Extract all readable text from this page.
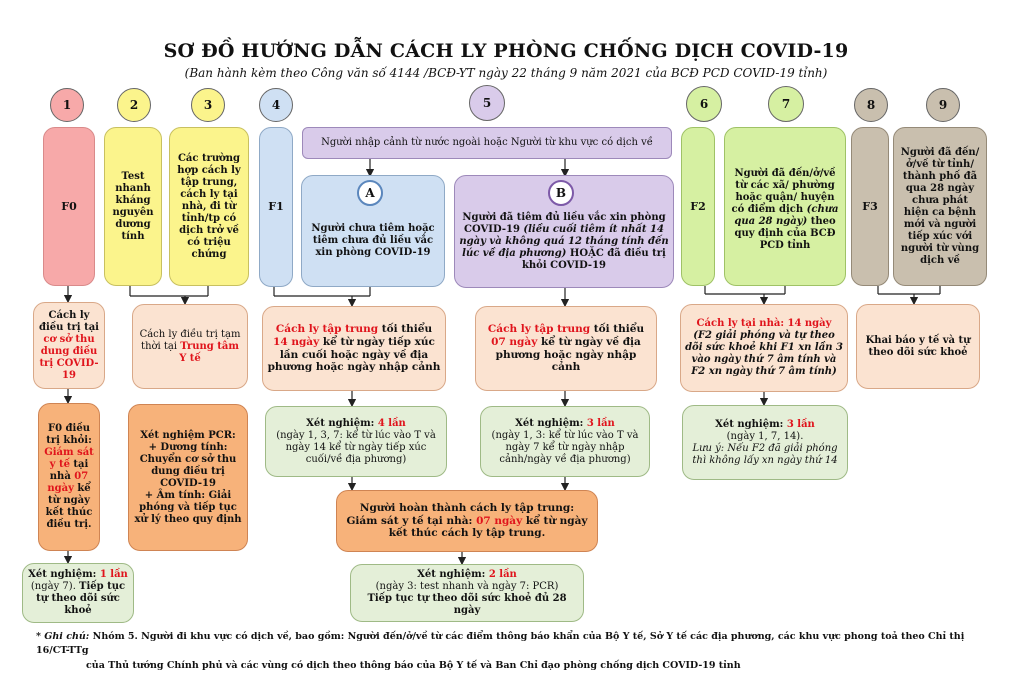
SƠ ĐỒ HƯỚNG DẪN CÁCH LY PHÒNG CHỐNG DỊCH COVID-19
(Ban hành kèm theo Công văn số 4144 /BCĐ-YT ngày 22 tháng 9 năm 2021 của BCĐ PCD COVID-19 tỉnh)
1	2	3	4	5	6	7	8	9
F0
Test nhanh kháng nguyên dương tính
Các trường hợp cách ly tập trung, cách ly tại nhà, đi từ tỉnh/tp có dịch trở về có triệu chứng
F1
Người nhập cảnh từ nước ngoài hoặc Người từ khu vực có dịch về
Người chưa tiêm hoặc tiêm chưa đủ liều vắc xin phòng COVID-19
A
Người đã tiêm đủ liều vắc xin phòng COVID-19 (liều cuối tiêm ít nhất 14 ngày và không quá 12 tháng tính đến lúc về địa phương) HOẶC đã điều trị khỏi COVID-19
B
F2
Người đã đến/ở/về từ các xã/ phường hoặc quận/ huyện có điểm dịch (chưa qua 28 ngày) theo quy định của BCĐ PCD tỉnh
F3
Người đã đến/ở/về từ tỉnh/ thành phố đã qua 28 ngày chưa phát hiện ca bệnh mới và người tiếp xúc với người từ vùng dịch về
Cách ly điều trị tại cơ sở thu dung điều trị COVID-19
Cách ly điều trị tạm thời tại Trung tâm Y tế
Cách ly tập trung tối thiểu 14 ngày kể từ ngày tiếp xúc lần cuối hoặc ngày về địa phương hoặc ngày nhập cảnh
Cách ly tập trung tối thiểu 07 ngày kể từ ngày về địa phương hoặc ngày nhập cảnh
Cách ly tại nhà: 14 ngày
(F2 giải phóng và tự theo dõi sức khoẻ khi F1 xn lần 3 vào ngày thứ 7 âm tính và F2 xn ngày thứ 7 âm tính)
Khai báo y tế và tự theo dõi sức khoẻ
F0 điều trị khỏi:
Giám sát y tế tại nhà 07 ngày kể từ ngày kết thúc điều trị.
Xét nghiệm PCR:
+ Dương tính: Chuyển cơ sở thu dung điều trị COVID-19
+ Âm tính: Giải phóng và tiếp tục xử lý theo quy định
Xét nghiệm: 4 lần
(ngày 1, 3, 7: kể từ lúc vào T và ngày 14 kể từ ngày tiếp xúc cuối/về địa phương)
Xét nghiệm: 3 lần
(ngày 1, 3: kể từ lúc vào T và ngày 7 kể từ ngày nhập cảnh/ngày về địa phương)
Xét nghiệm: 3 lần
(ngày 1, 7, 14).
Lưu ý: Nếu F2 đã giải phóng thì không lấy xn ngày thứ 14
Xét nghiệm: 1 lần
(ngày 7). Tiếp tục tự theo dõi sức khoẻ
Người hoàn thành cách ly tập trung:
Giám sát y tế tại nhà: 07 ngày kể từ ngày kết thúc cách ly tập trung.
Xét nghiệm: 2 lần
(ngày 3: test nhanh và ngày 7: PCR)
Tiếp tục tự theo dõi sức khoẻ đủ 28 ngày
* Ghi chú: Nhóm 5. Người đi khu vực có dịch về, bao gồm: Người đến/ở/về từ các điểm thông báo khẩn của Bộ Y tế, Sở Y tế các địa phương, các khu vực phong toả theo Chỉ thị 16/CT-TTg
của Thủ tướng Chính phủ và các vùng có dịch theo thông báo của Bộ Y tế và Ban Chỉ đạo phòng chống dịch COVID-19 tỉnh
